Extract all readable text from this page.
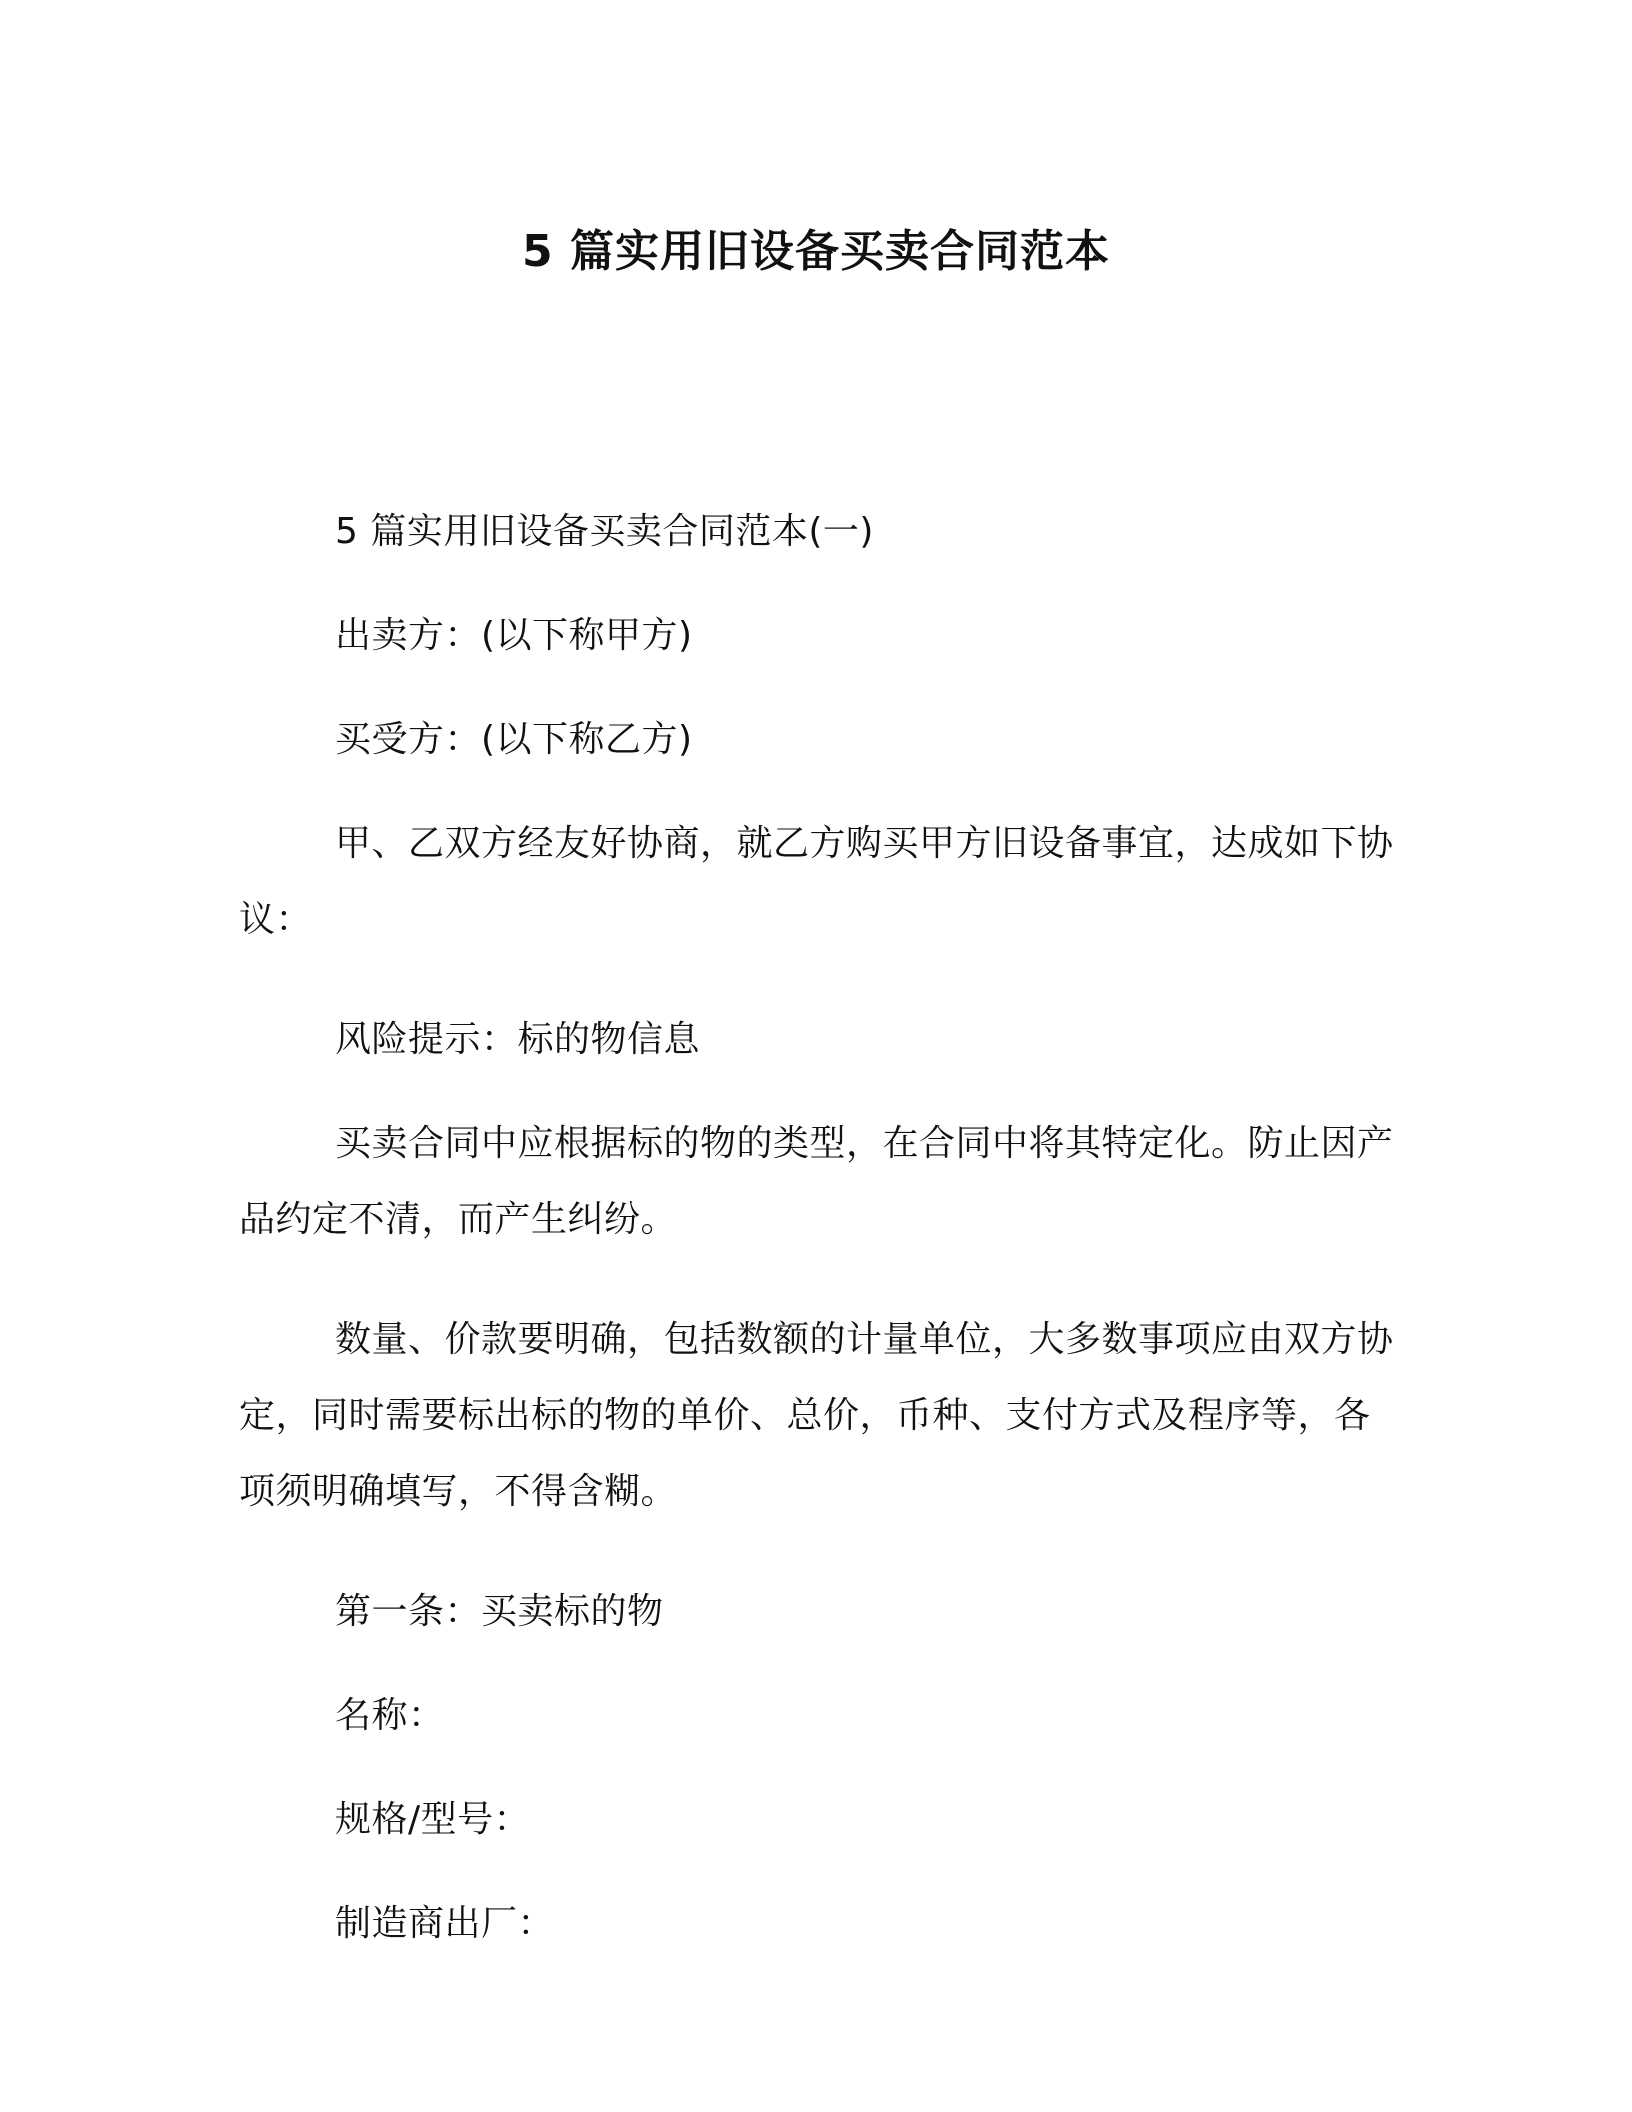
5 篇实用旧设备买卖合同范本

5 篇实用旧设备买卖合同范本(一)

出卖方：(以下称甲方)

买受方：(以下称乙方)

甲、乙双方经友好协商，就乙方购买甲方旧设备事宜，达成如下协议：

风险提示：标的物信息

买卖合同中应根据标的物的类型，在合同中将其特定化。防止因产品约定不清，而产生纠纷。

数量、价款要明确，包括数额的计量单位，大多数事项应由双方协定，同时需要标出标的物的单价、总价，币种、支付方式及程序等，各项须明确填写，不得含糊。

第一条：买卖标的物

名称：

规格/型号：

制造商出厂：
